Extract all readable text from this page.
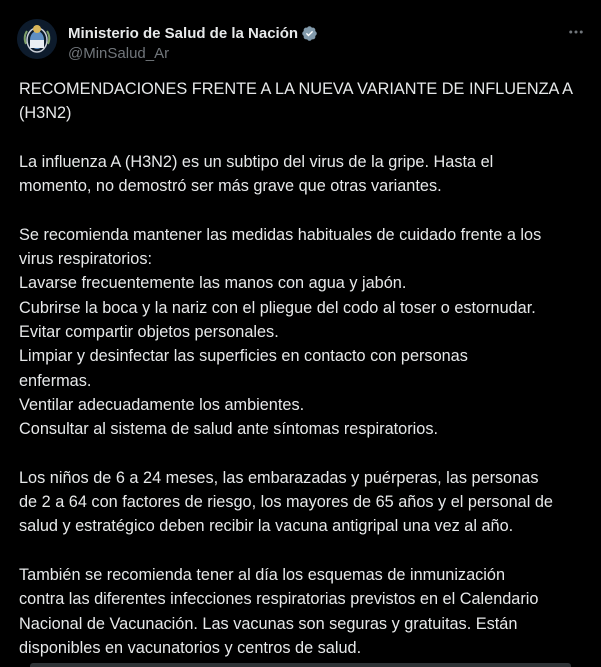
Ministerio de Salud de la Nación
@MinSalud_Ar
RECOMENDACIONES FRENTE A LA NUEVA VARIANTE DE INFLUENZA A
(H3N2)
La influenza A (H3N2) es un subtipo del virus de la gripe. Hasta el
momento, no demostró ser más grave que otras variantes.
Se recomienda mantener las medidas habituales de cuidado frente a los
virus respiratorios:
Lavarse frecuentemente las manos con agua y jabón.
Cubrirse la boca y la nariz con el pliegue del codo al toser o estornudar.
Evitar compartir objetos personales.
Limpiar y desinfectar las superficies en contacto con personas
enfermas.
Ventilar adecuadamente los ambientes.
Consultar al sistema de salud ante síntomas respiratorios.
Los niños de 6 a 24 meses, las embarazadas y puérperas, las personas
de 2 a 64 con factores de riesgo, los mayores de 65 años y el personal de
salud y estratégico deben recibir la vacuna antigripal una vez al año.
También se recomienda tener al día los esquemas de inmunización
contra las diferentes infecciones respiratorias previstos en el Calendario
Nacional de Vacunación. Las vacunas son seguras y gratuitas. Están
disponibles en vacunatorios y centros de salud.
